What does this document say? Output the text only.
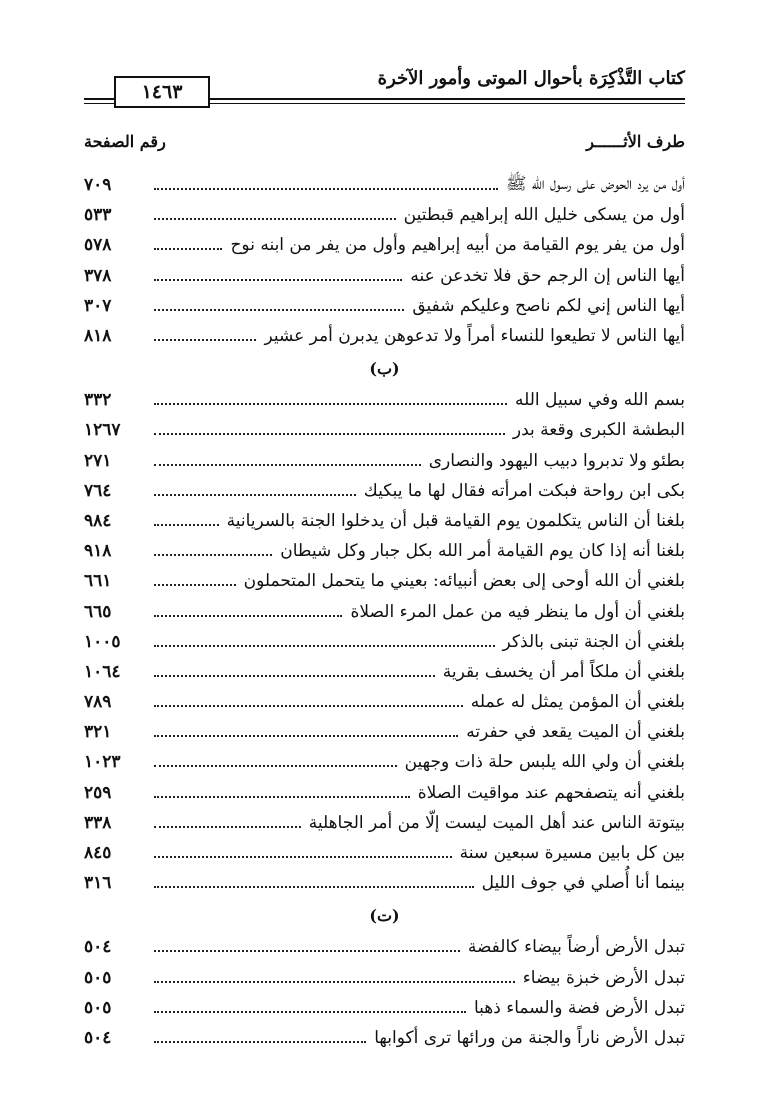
كتاب التَّذْكِرَة بأحوال الموتى وأمور الآخرة
١٤٦٣
طرف الأثــــــر
رقم الصفحة
أول من يرد الحوض على رسول الله ﷺ
٧٠٩
أول من يسكى خليل الله إبراهيم قبطتين
٥٣٣
أول من يفر يوم القيامة من أبيه إبراهيم وأول من يفر من ابنه نوح
٥٧٨
أيها الناس إن الرجم حق فلا تخدعن عنه
٣٧٨
أيها الناس إني لكم ناصح وعليكم شفيق
٣٠٧
أيها الناس لا تطيعوا للنساء أمراً ولا تدعوهن يدبرن أمر عشير
٨١٨
(ب)
بسم الله وفي سبيل الله
٣٣٢
البطشة الكبرى وقعة بدر
١٢٦٧
بطئو ولا تدبروا دبيب اليهود والنصارى
٢٧١
بكى ابن رواحة فبكت امرأته فقال لها ما يبكيك
٧٦٤
بلغنا أن الناس يتكلمون يوم القيامة قبل أن يدخلوا الجنة بالسريانية
٩٨٤
بلغنا أنه إذا كان يوم القيامة أمر الله بكل جبار وكل شيطان
٩١٨
بلغني أن الله أوحى إلى بعض أنبيائه: بعيني ما يتحمل المتحملون
٦٦١
بلغني أن أول ما ينظر فيه من عمل المرء الصلاة
٦٦٥
بلغني أن الجنة تبنى بالذكر
١٠٠٥
بلغني أن ملكاً أمر أن يخسف بقرية
١٠٦٤
بلغني أن المؤمن يمثل له عمله
٧٨٩
بلغني أن الميت يقعد في حفرته
٣٢١
بلغني أن ولي الله يلبس حلة ذات وجهين
١٠٢٣
بلغني أنه يتصفحهم عند مواقيت الصلاة
٢٥٩
بيتوتة الناس عند أهل الميت ليست إلّا من أمر الجاهلية
٣٣٨
بين كل بابين مسيرة سبعين سنة
٨٤٥
بينما أنا أُصلي في جوف الليل
٣١٦
(ت)
تبدل الأرض أرضاً بيضاء كالفضة
٥٠٤
تبدل الأرض خبزة بيضاء
٥٠٥
تبدل الأرض فضة والسماء ذهبا
٥٠٥
تبدل الأرض ناراً والجنة من ورائها ترى أكوابها
٥٠٤
